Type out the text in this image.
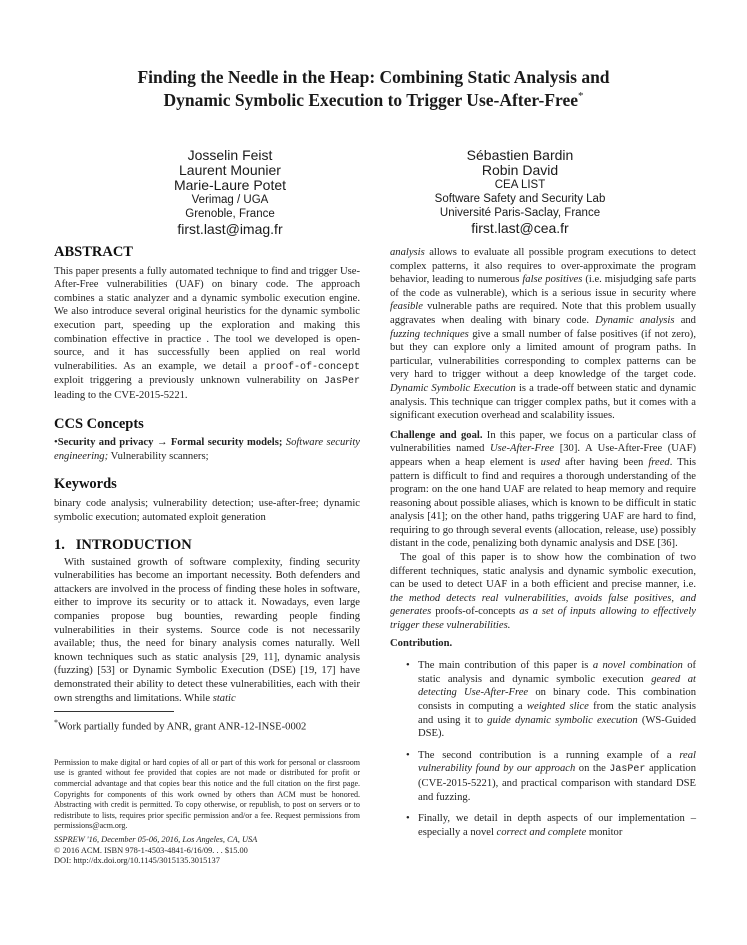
Finding the Needle in the Heap: Combining Static Analysis and
Dynamic Symbolic Execution to Trigger Use-After-Free*
Josselin Feist
Laurent Mounier
Marie-Laure Potet
Verimag / UGA
Grenoble, France
first.last@imag.fr
Sébastien Bardin
Robin David
CEA LIST
Software Safety and Security Lab
Université Paris-Saclay, France
first.last@cea.fr
ABSTRACT

This paper presents a fully automated technique to find and trigger Use-After-Free vulnerabilities (UAF) on binary code. The approach combines a static analyzer and a dynamic symbolic execution engine. We also introduce several original heuristics for the dynamic symbolic execution part, speeding up the exploration and making this combination effective in practice . The tool we developed is open-source, and it has successfully been applied on real world vulnerabilities. As an example, we detail a proof-of-concept exploit triggering a previously unknown vulnerability on JasPer leading to the CVE-2015-5221.

CCS Concepts

•Security and privacy → Formal security models; Software security engineering; Vulnerability scanners;

Keywords

binary code analysis; vulnerability detection; use-after-free; dynamic symbolic execution; automated exploit generation

1.   INTRODUCTION

With sustained growth of software complexity, finding security vulnerabilities has become an important necessity. Both defenders and attackers are involved in the process of finding these holes in software, either to improve its security or to attack it. Nowadays, even large companies propose bug bounties, rewarding people finding vulnerabilities in their systems. Source code is not necessarily available; thus, the need for binary analysis comes naturally. Well known techniques such as static analysis [29, 11], dynamic analysis (fuzzing) [53] or Dynamic Symbolic Execution (DSE) [19, 17] have demonstrated their ability to detect these vulnerabilities, each with their own strengths and limitations. While static

*Work partially funded by ANR, grant ANR-12-INSE-0002

Permission to make digital or hard copies of all or part of this work for personal or classroom use is granted without fee provided that copies are not made or distributed for profit or commercial advantage and that copies bear this notice and the full citation on the first page. Copyrights for components of this work owned by others than ACM must be honored. Abstracting with credit is permitted. To copy otherwise, or republish, to post on servers or to redistribute to lists, requires prior specific permission and/or a fee. Request permissions from permissions@acm.org.

SSPREW '16, December 05-06, 2016, Los Angeles, CA, USA

© 2016 ACM. ISBN 978-1-4503-4841-6/16/09. . . $15.00

DOI: http://dx.doi.org/10.1145/3015135.3015137

analysis allows to evaluate all possible program executions to detect complex patterns, it also requires to over-approximate the program behavior, leading to numerous false positives (i.e. misjudging safe parts of the code as vulnerable), which is a serious issue in security where feasible vulnerable paths are required. Note that this problem usually aggravates when dealing with binary code. Dynamic analysis and fuzzing techniques give a small number of false positives (if not zero), but they can explore only a limited amount of program paths. In particular, vulnerabilities corresponding to complex patterns can be very hard to trigger without a deep knowledge of the target code. Dynamic Symbolic Execution is a trade-off between static and dynamic analysis. This technique can trigger complex paths, but it comes with a significant execution overhead and scalability issues.

Challenge and goal. In this paper, we focus on a particular class of vulnerabilities named Use-After-Free [30]. A Use-After-Free (UAF) appears when a heap element is used after having been freed. This pattern is difficult to find and requires a thorough understanding of the program: on the one hand UAF are related to heap memory and require reasoning about possible aliases, which is known to be difficult in static analysis [41]; on the other hand, paths triggering UAF are hard to find, requiring to go through several events (allocation, release, use) possibly distant in the code, penalizing both dynamic analysis and DSE [36].

The goal of this paper is to show how the combination of two different techniques, static analysis and dynamic symbolic execution, can be used to detect UAF in a both efficient and precise manner, i.e. the method detects real vulnerabilities, avoids false positives, and generates proofs-of-concepts as a set of inputs allowing to effectively trigger these vulnerabilities.

Contribution.

• The main contribution of this paper is a novel combination of static analysis and dynamic symbolic execution geared at detecting Use-After-Free on binary code. This combination consists in computing a weighted slice from the static analysis and using it to guide dynamic symbolic execution (WS-Guided DSE).
• The second contribution is a running example of a real vulnerability found by our approach on the JasPer application (CVE-2015-5221), and practical comparison with standard DSE and fuzzing.
• Finally, we detail in depth aspects of our implementation – especially a novel correct and complete monitor
